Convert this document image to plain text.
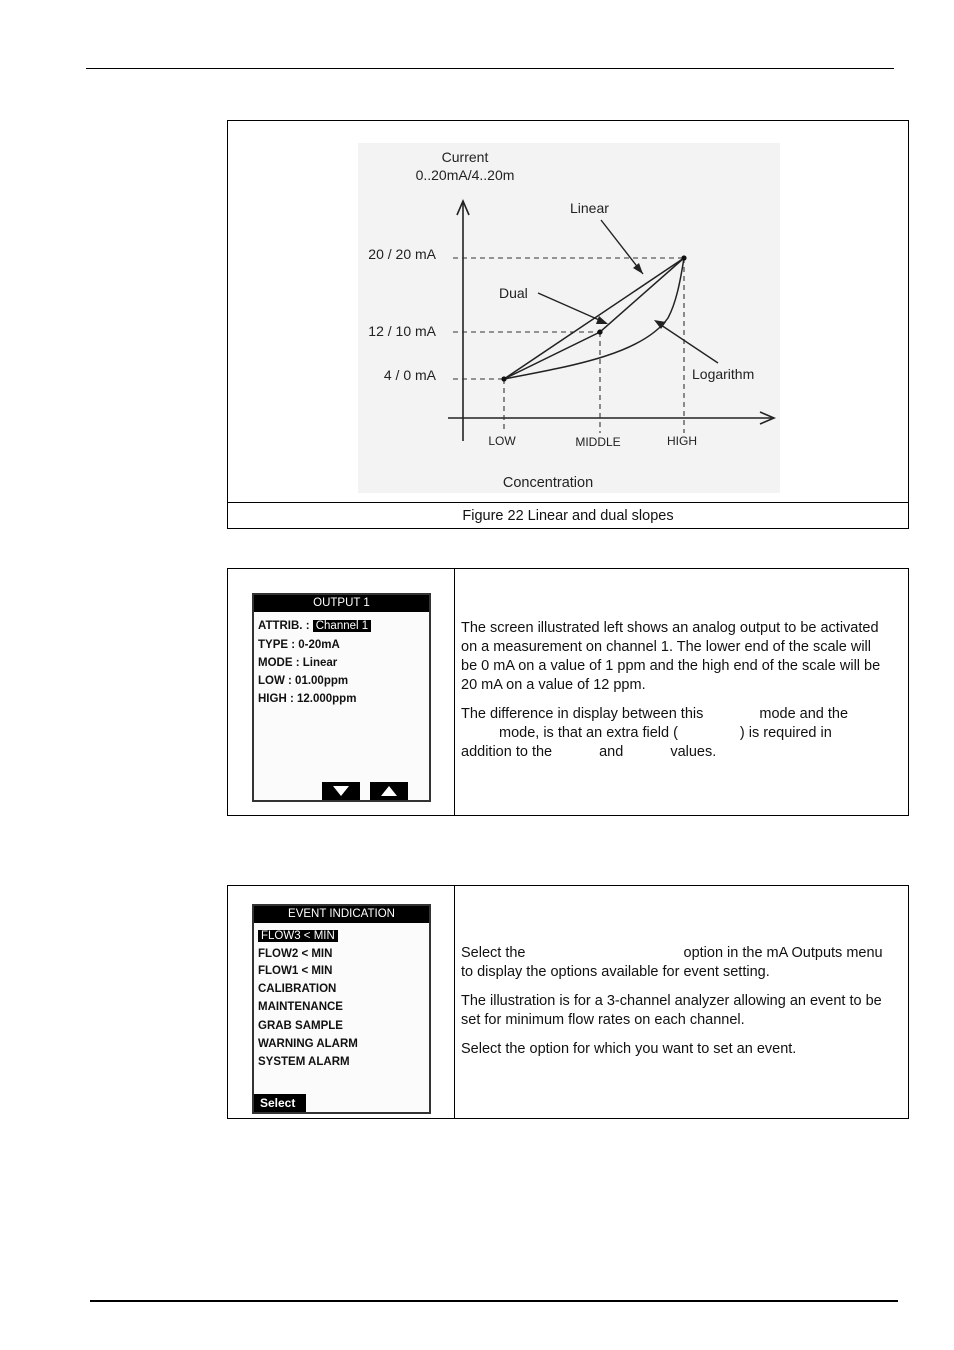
Current
0..20mA/4..20m
20 / 20 mA
12 / 10 mA
4 / 0 mA
LOW	MIDDLE	HIGH
Concentration
Linear
Dual
Logarithm
Figure 22 Linear and dual slopes
OUTPUT 1
ATTRIB. : Channel 1
TYPE : 0-20mA
MODE : Linear
LOW : 01.00ppm
HIGH : 12.000ppm

The screen illustrated left shows an analog output to be activated on a measurement on channel 1. The lower end of the scale will be 0 mA on a value of 1 ppm and the high end of the scale will be 20 mA on a value of 12 ppm.

The difference in display between this	mode and the
mode, is that an extra field (	) is required in
addition to the	and	values.

EVENT INDICATION
FLOW3 < MIN
FLOW2 < MIN
FLOW1 < MIN
CALIBRATION
MAINTENANCE
GRAB SAMPLE
WARNING ALARM
SYSTEM ALARM
Select

Select the	option in the mA Outputs menu to display the options available for event setting.

The illustration is for a 3-channel analyzer allowing an event to be set for minimum flow rates on each channel.

Select the option for which you want to set an event.
